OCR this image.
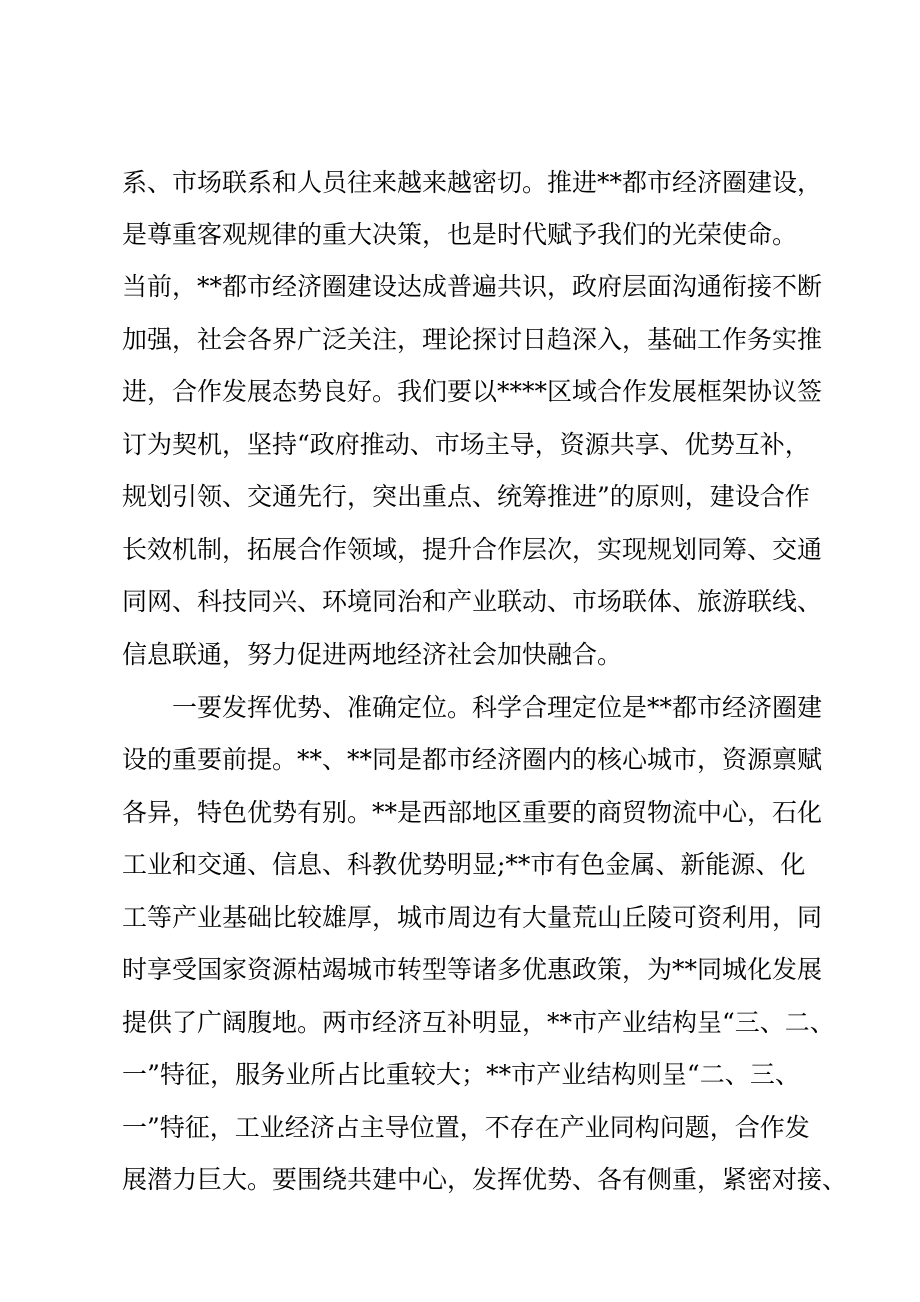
系、市场联系和人员往来越来越密切。推进**都市经济圈建设，
是尊重客观规律的重大决策，也是时代赋予我们的光荣使命。
当前，**都市经济圈建设达成普遍共识，政府层面沟通衔接不断
加强，社会各界广泛关注，理论探讨日趋深入，基础工作务实推
进，合作发展态势良好。我们要以****区域合作发展框架协议签
订为契机，坚持“政府推动、市场主导，资源共享、优势互补，
规划引领、交通先行，突出重点、统筹推进”的原则，建设合作
长效机制，拓展合作领域，提升合作层次，实现规划同筹、交通
同网、科技同兴、环境同治和产业联动、市场联体、旅游联线、
信息联通，努力促进两地经济社会加快融合。
一要发挥优势、准确定位。科学合理定位是**都市经济圈建
设的重要前提。**、**同是都市经济圈内的核心城市，资源禀赋
各异，特色优势有别。**是西部地区重要的商贸物流中心，石化
工业和交通、信息、科教优势明显;**市有色金属、新能源、化
工等产业基础比较雄厚，城市周边有大量荒山丘陵可资利用，同
时享受国家资源枯竭城市转型等诸多优惠政策，为**同城化发展
提供了广阔腹地。两市经济互补明显，**市产业结构呈“三、二、
一”特征，服务业所占比重较大；**市产业结构则呈“二、三、
一”特征，工业经济占主导位置，不存在产业同构问题，合作发
展潜力巨大。要围绕共建中心，发挥优势、各有侧重，紧密对接、
